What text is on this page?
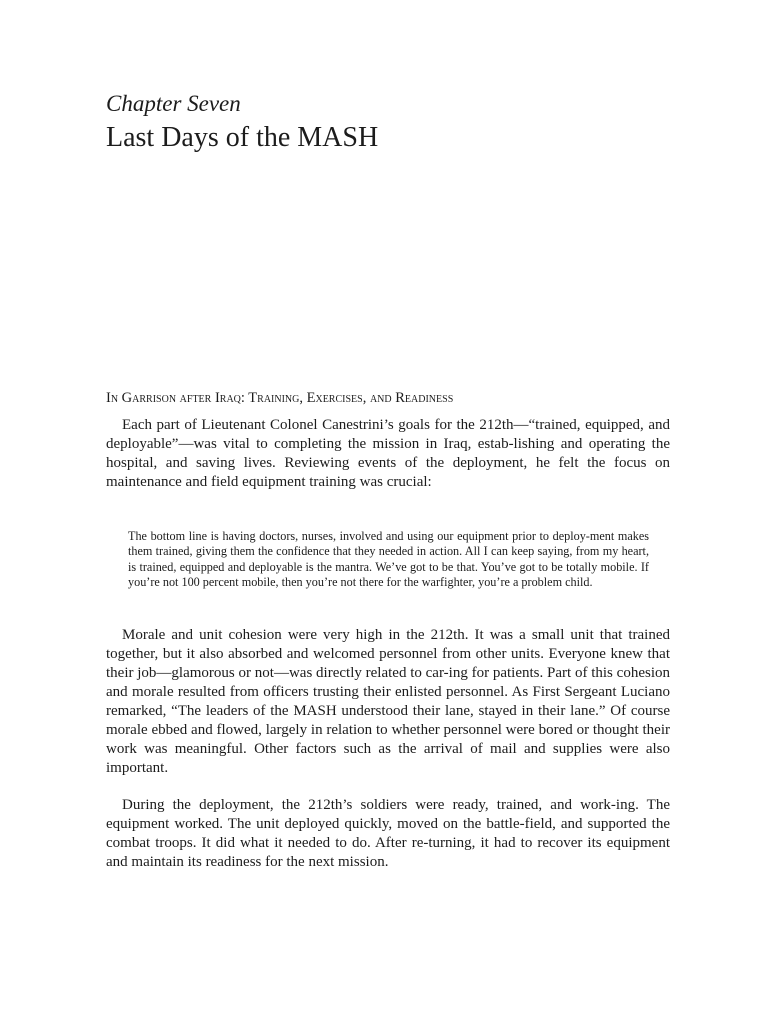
Chapter Seven
Last Days of the MASH
In Garrison after Iraq: Training, Exercises, and Readiness

Each part of Lieutenant Colonel Canestrini’s goals for the 212th—“trained, equipped, and deployable”—was vital to completing the mission in Iraq, estab-lishing and operating the hospital, and saving lives. Reviewing events of the deployment, he felt the focus on maintenance and field equipment training was crucial:

The bottom line is having doctors, nurses, involved and using our equipment prior to deploy-ment makes them trained, giving them the confidence that they needed in action. All I can keep saying, from my heart, is trained, equipped and deployable is the mantra. We’ve got to be that. You’ve got to be totally mobile. If you’re not 100 percent mobile, then you’re not there for the warfighter, you’re a problem child.

Morale and unit cohesion were very high in the 212th. It was a small unit that trained together, but it also absorbed and welcomed personnel from other units. Everyone knew that their job—glamorous or not—was directly related to car-ing for patients. Part of this cohesion and morale resulted from officers trusting their enlisted personnel. As First Sergeant Luciano remarked, “The leaders of the MASH understood their lane, stayed in their lane.” Of course morale ebbed and flowed, largely in relation to whether personnel were bored or thought their work was meaningful. Other factors such as the arrival of mail and supplies were also important.

During the deployment, the 212th’s soldiers were ready, trained, and work-ing. The equipment worked. The unit deployed quickly, moved on the battle-field, and supported the combat troops. It did what it needed to do. After re-turning, it had to recover its equipment and maintain its readiness for the next mission.
